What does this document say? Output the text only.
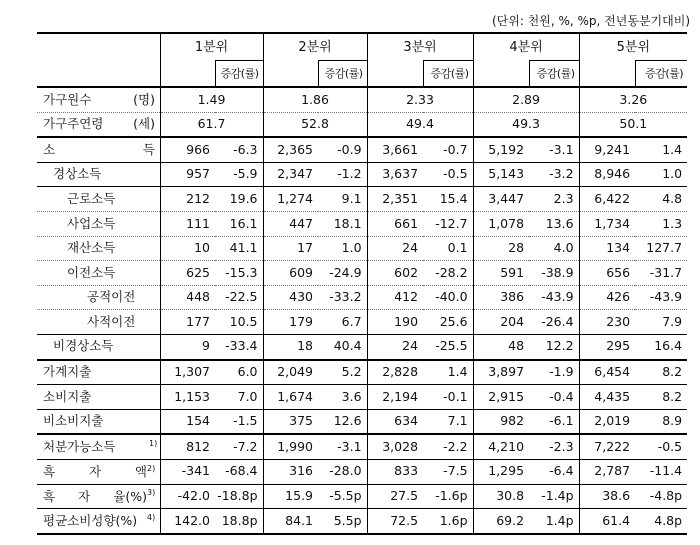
(단위: 천원, %, %p, 전년동분기대비)
	1분위		2분위		3분위		4분위		5분위	
		증감(률)		증감(률)		증감(률)		증감(률)		증감(률)
가구원수 (명)	1.49		1.86		2.33		2.89		3.26	
가구주연령 (세)	61.7		52.8		49.4		49.3		50.1	
소 득	966	-6.3	2,365	-0.9	3,661	-0.7	5,192	-3.1	9,241	1.4
경상소득	957	-5.9	2,347	-1.2	3,637	-0.5	5,143	-3.2	8,946	1.0
근로소득	212	19.6	1,274	9.1	2,351	15.4	3,447	2.3	6,422	4.8
사업소득	111	16.1	447	18.1	661	-12.7	1,078	13.6	1,734	1.3
재산소득	10	41.1	17	1.0	24	0.1	28	4.0	134	127.7
이전소득	625	-15.3	609	-24.9	602	-28.2	591	-38.9	656	-31.7
공적이전	448	-22.5	430	-33.2	412	-40.0	386	-43.9	426	-43.9
사적이전	177	10.5	179	6.7	190	25.6	204	-26.4	230	7.9
비경상소득	9	-33.4	18	40.4	24	-25.5	48	12.2	295	16.4
가계지출	1,307	6.0	2,049	5.2	2,828	1.4	3,897	-1.9	6,454	8.2
소비지출	1,153	7.0	1,674	3.6	2,194	-0.1	2,915	-0.4	4,435	8.2
비소비지출	154	-1.5	375	12.6	634	7.1	982	-6.1	2,019	8.9
처분가능소득 $^{1)}$	812	-7.2	1,990	-3.1	3,028	-2.2	4,210	-2.3	7,222	-0.5
흑 자 액$^{2)}$	-341	-68.4	316	-28.0	833	-7.5	1,295	-6.4	2,787	-11.4
흑 자 율(%)$^{3)}$	-42.0	-18.8p	15.9	-5.5p	27.5	-1.6p	30.8	-1.4p	38.6	-4.8p
평균소비성향(%) $^{4)}$	142.0	18.8p	84.1	5.5p	72.5	1.6p	69.2	1.4p	61.4	4.8p
